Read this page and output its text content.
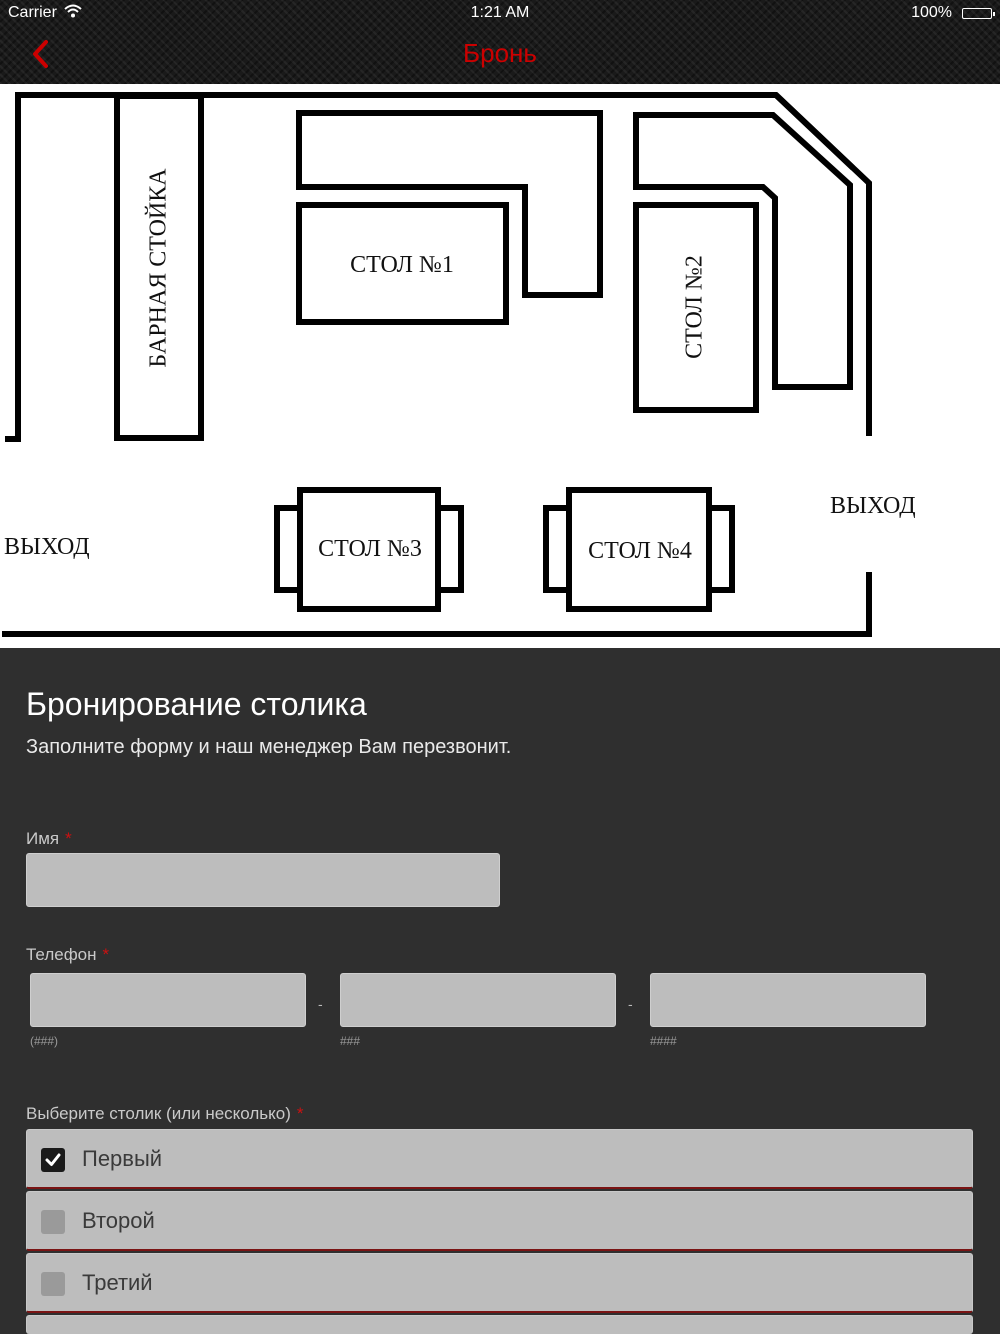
Carrier	1:21 AM	100%
Бронь
БАРНАЯ СТОЙКА	СТОЛ №1	СТОЛ №2
СТОЛ №3	СТОЛ №4
ВЫХОД
ВЫХОД
Бронирование столика
Заполните форму и наш менеджер Вам перезвонит.
Имя *
Телефон *
-	-
(###)	###	####
Выберите столик (или несколько) *
Первый
Второй
Третий
